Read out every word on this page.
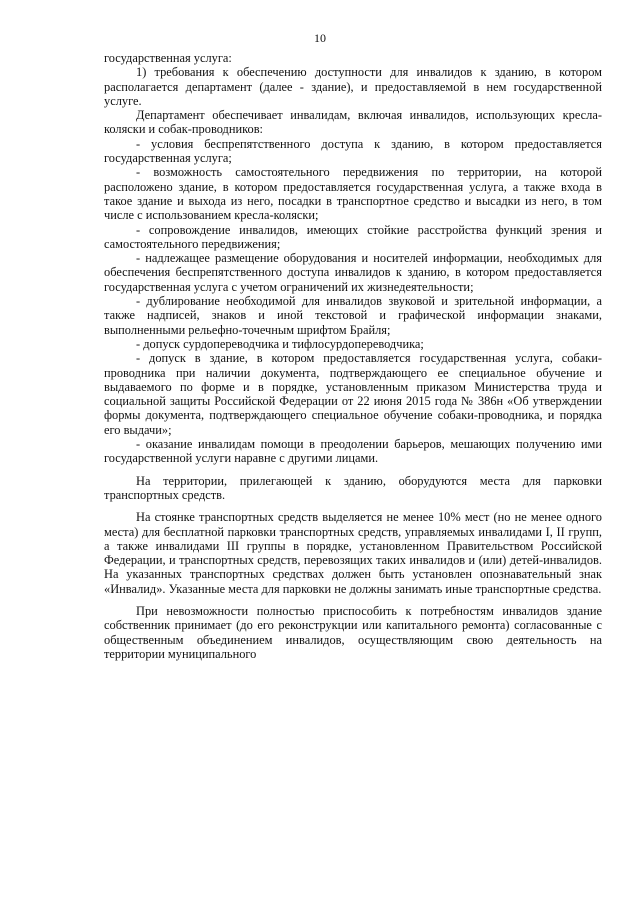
10

государственная услуга:

1) требования к обеспечению доступности для инвалидов к зданию, в котором располагается департамент (далее - здание), и предоставляемой в нем государственной услуге.

Департамент обеспечивает инвалидам, включая инвалидов, использующих кресла-коляски и собак-проводников:

- условия беспрепятственного доступа к зданию, в котором предоставляется государственная услуга;

- возможность самостоятельного передвижения по территории, на которой расположено здание, в котором предоставляется государственная услуга, а также входа в такое здание и выхода из него, посадки в транспортное средство и высадки из него, в том числе с использованием кресла-коляски;

- сопровождение инвалидов, имеющих стойкие расстройства функций зрения и самостоятельного передвижения;

- надлежащее размещение оборудования и носителей информации, необходимых для обеспечения беспрепятственного доступа инвалидов к зданию, в котором предоставляется государственная услуга с учетом ограничений их жизнедеятельности;

- дублирование необходимой для инвалидов звуковой и зрительной информации, а также надписей, знаков и иной текстовой и графической информации знаками, выполненными рельефно-точечным шрифтом Брайля;

- допуск сурдопереводчика и тифлосурдопереводчика;

- допуск в здание, в котором предоставляется государственная услуга, собаки-проводника при наличии документа, подтверждающего ее специальное обучение и выдаваемого по форме и в порядке, установленным приказом Министерства труда и социальной защиты Российской Федерации от 22 июня 2015 года № 386н «Об утверждении формы документа, подтверждающего специальное обучение собаки-проводника, и порядка его выдачи»;

- оказание инвалидам помощи в преодолении барьеров, мешающих получению ими государственной услуги наравне с другими лицами.

На территории, прилегающей к зданию, оборудуются места для парковки транспортных средств.

На стоянке транспортных средств выделяется не менее 10% мест (но не менее одного места) для бесплатной парковки транспортных средств, управляемых инвалидами I, II групп, а также инвалидами III группы в порядке, установленном Правительством Российской Федерации, и транспортных средств, перевозящих таких инвалидов и (или) детей-инвалидов. На указанных транспортных средствах должен быть установлен опознавательный знак «Инвалид». Указанные места для парковки не должны занимать иные транспортные средства.

При невозможности полностью приспособить к потребностям инвалидов здание собственник принимает (до его реконструкции или капитального ремонта) согласованные с общественным объединением инвалидов, осуществляющим свою деятельность на территории муниципального
